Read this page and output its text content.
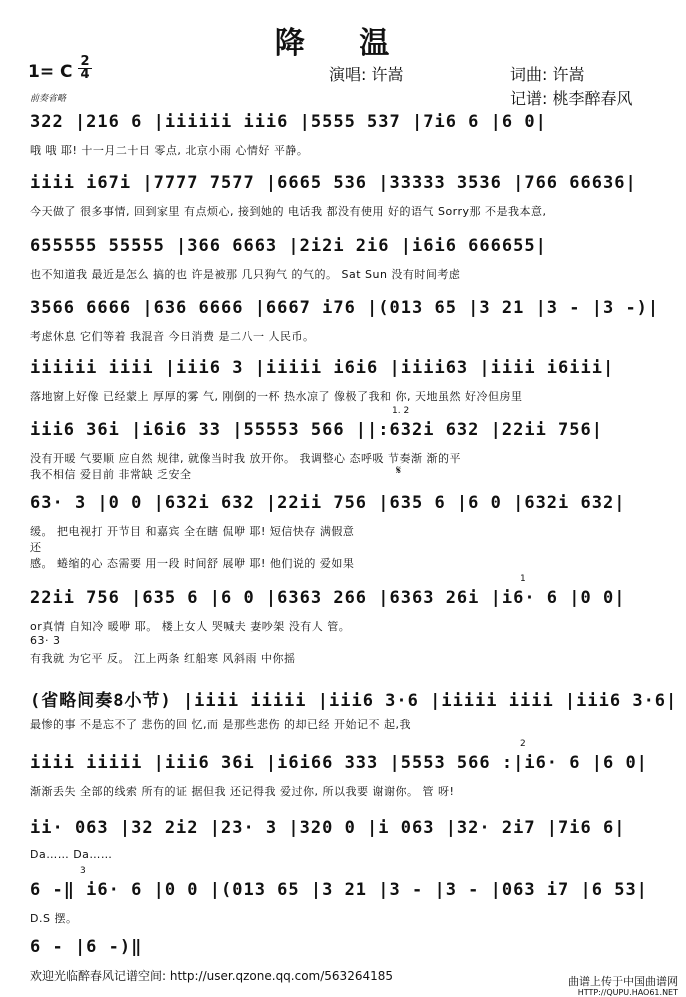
降 温
1= C
2
4	演唱: 许嵩	词曲: 许嵩
记谱: 桃李醉春风
前奏省略
322 |216 6 |iiiiii iii6 |5555 537 |7i6 6 |6 0|
哦 哦 耶! 十一月二十日 零点, 北京小雨 心情好 平静。
iiii i67i |7777 7577 |6665 536 |33333 3536 |766 66636|
今天做了 很多事情, 回到家里 有点烦心, 接到她的 电话我 都没有使用 好的语气 Sorry那 不是我本意,
655555 55555 |366 6663 |2i2i 2i6 |i6i6 666655|
也不知道我 最近是怎么 搞的也 许是被那 几只狗气 的气的。 Sat Sun 没有时间考虑
3566 6666 |636 6666 |6667 i76 |(013 65 |3 21 |3 - |3 -)|
考虑休息 它们等着 我混音 今日消费 是二八一 人民币。
iiiiii iiii |iii6 3 |iiiii i6i6 |iiii63 |iiii i6iii|
落地窗上好像 已经蒙上 厚厚的雾 气, 刚倒的一杯 热水凉了 像极了我和 你, 天地虽然 好冷但房里
iii6 36i |i6i6 33 |55553 566 ||:632i 632 |22ii 756|
没有开暖 气要顺 应自然 规律, 就像当时我 放开你。 我调整心 态呼吸 节奏渐 渐的平
我不相信 爱目前 非常缺 乏安全
1. 2
𝄋
63· 3 |0 0 |632i 632 |22ii 756 |635 6 |6 0 |632i 632|
缓。 把电视打 开节目 和嘉宾 全在瞎 侃咿 耶! 短信快存 满假意
还
感。 蜷缩的心 态需要 用一段 时间舒 展咿 耶! 他们说的 爱如果
22ii 756 |635 6 |6 0 |6363 266 |6363 26i |i6· 6 |0 0|
or真情 自知冷 暖咿 耶。 楼上女人 哭喊夫 妻吵架 没有人 管。
63· 3
有我就 为它平 反。 江上两条 红船寒 风斜雨 中你摇
1
(省略间奏8小节) |iiii iiiii |iii6 3·6 |iiiii iiii |iii6 3·6|
最惨的事 不是忘不了 悲伤的回 忆,而 是那些悲伤 的却已经 开始记不 起,我
iiii iiiii |iii6 36i |i6i66 333 |5553 566 :|i6· 6 |6 0|
渐渐丢失 全部的线索 所有的证 据但我 还记得我 爱过你, 所以我要 谢谢你。 管 呀!
2
ii· 063 |32 2i2 |23· 3 |320 0 |i 063 |32· 2i7 |7i6 6|
Da…… Da……
6 -‖ i6· 6 |0 0 |(013 65 |3 21 |3 - |3 - |063 i7 |6 53|
D.S 摆。
3
6 - |6 -)‖
欢迎光临醉春风记谱空间: http://user.qzone.qq.com/563264185	曲谱上传于中国曲谱网
HTTP://QUPU.HAO61.NET
